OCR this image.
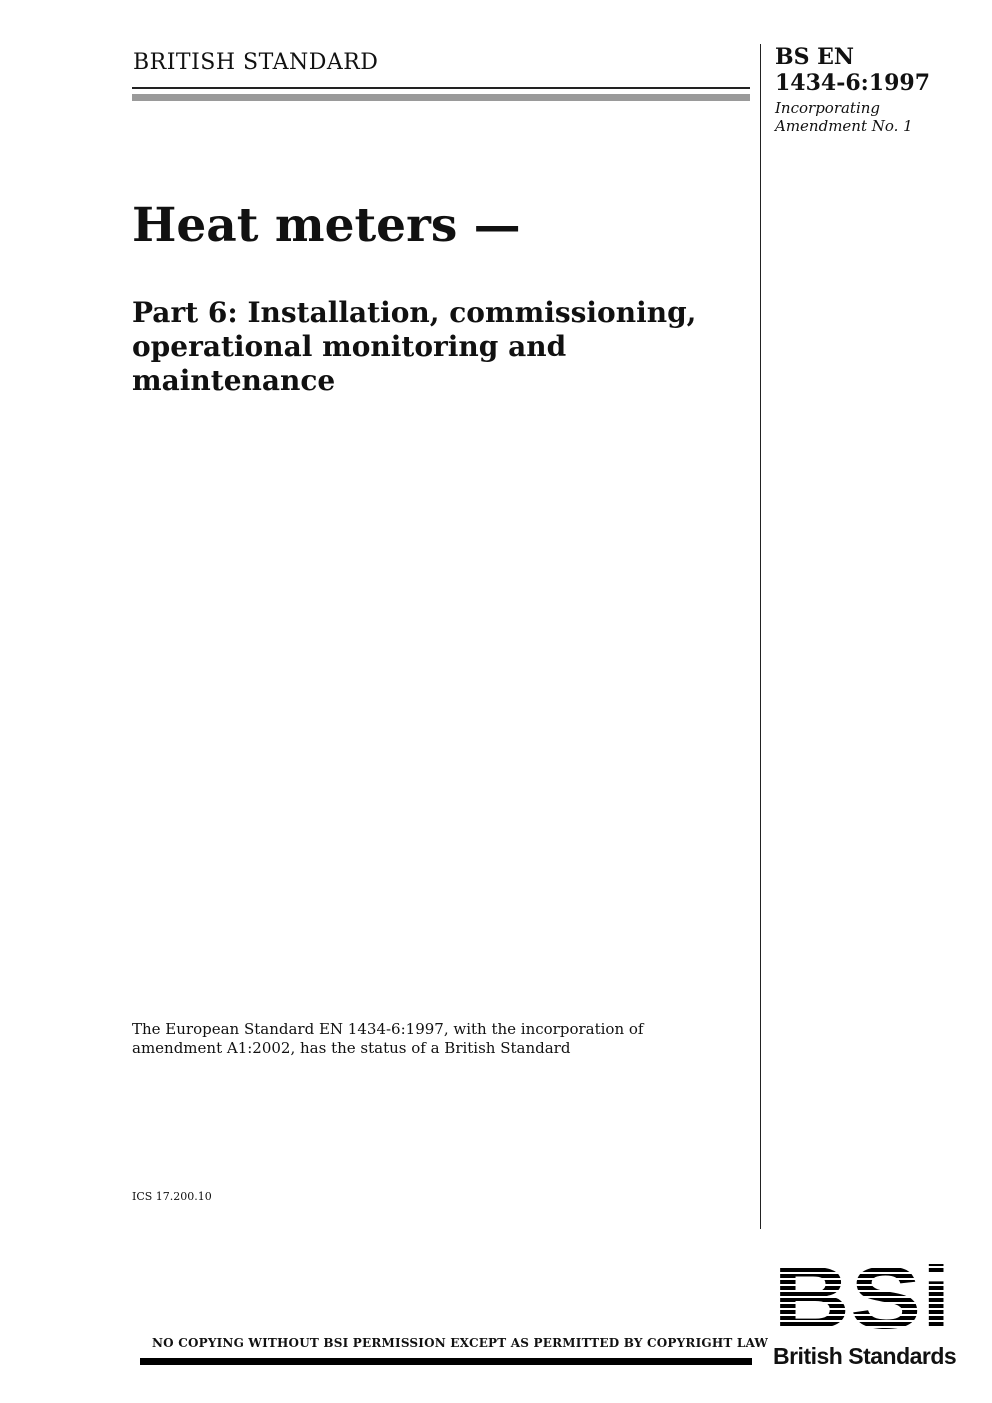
BRITISH STANDARD	BS EN
1434-6:1997
Incorporating
Amendment No. 1
Heat meters —
Part 6: Installation, commissioning,
operational monitoring and
maintenance
The European Standard EN 1434-6:1997, with the incorporation of
amendment A1:2002, has the status of a British Standard
ICS 17.200.10
NO COPYING WITHOUT BSI PERMISSION EXCEPT AS PERMITTED BY COPYRIGHT LAW BSi
British Standards
